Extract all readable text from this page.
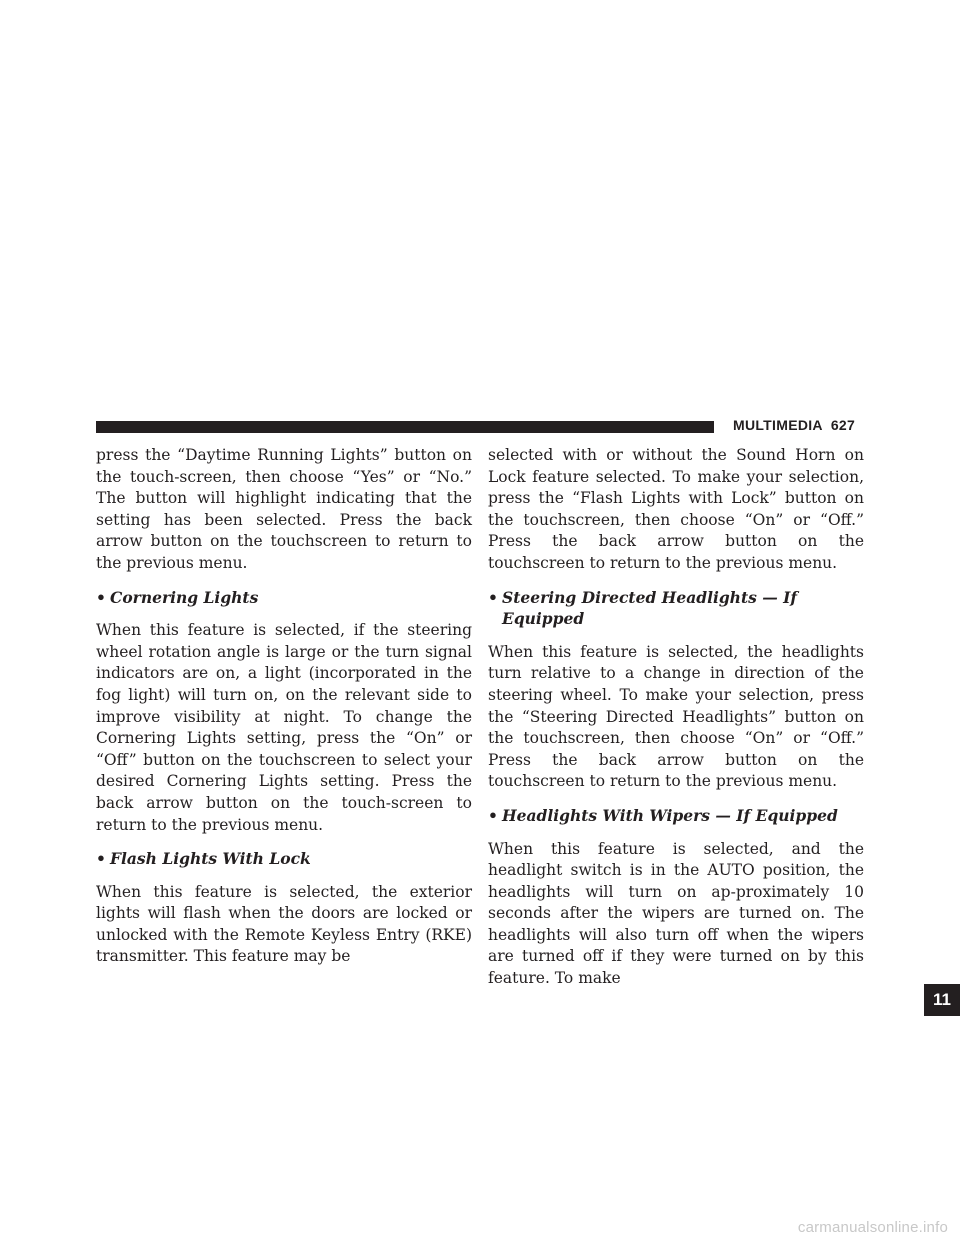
MULTIMEDIA 627

press the “Daytime Running Lights” button on the touch-screen, then choose “Yes” or “No.” The button will highlight indicating that the setting has been selected. Press the back arrow button on the touchscreen to return to the previous menu.

• Cornering Lights

When this feature is selected, if the steering wheel rotation angle is large or the turn signal indicators are on, a light (incorporated in the fog light) will turn on, on the relevant side to improve visibility at night. To change the Cornering Lights setting, press the “On” or “Off” button on the touchscreen to select your desired Cornering Lights setting. Press the back arrow button on the touch-screen to return to the previous menu.

• Flash Lights With Lock

When this feature is selected, the exterior lights will flash when the doors are locked or unlocked with the Remote Keyless Entry (RKE) transmitter. This feature may be

selected with or without the Sound Horn on Lock feature selected. To make your selection, press the “Flash Lights with Lock” button on the touchscreen, then choose “On” or “Off.” Press the back arrow button on the touchscreen to return to the previous menu.

• Steering Directed Headlights — If Equipped

When this feature is selected, the headlights turn relative to a change in direction of the steering wheel. To make your selection, press the “Steering Directed Headlights” button on the touchscreen, then choose “On” or “Off.” Press the back arrow button on the touchscreen to return to the previous menu.

• Headlights With Wipers — If Equipped

When this feature is selected, and the headlight switch is in the AUTO position, the headlights will turn on ap-proximately 10 seconds after the wipers are turned on. The headlights will also turn off when the wipers are turned off if they were turned on by this feature. To make

11
carmanualsonline.info
